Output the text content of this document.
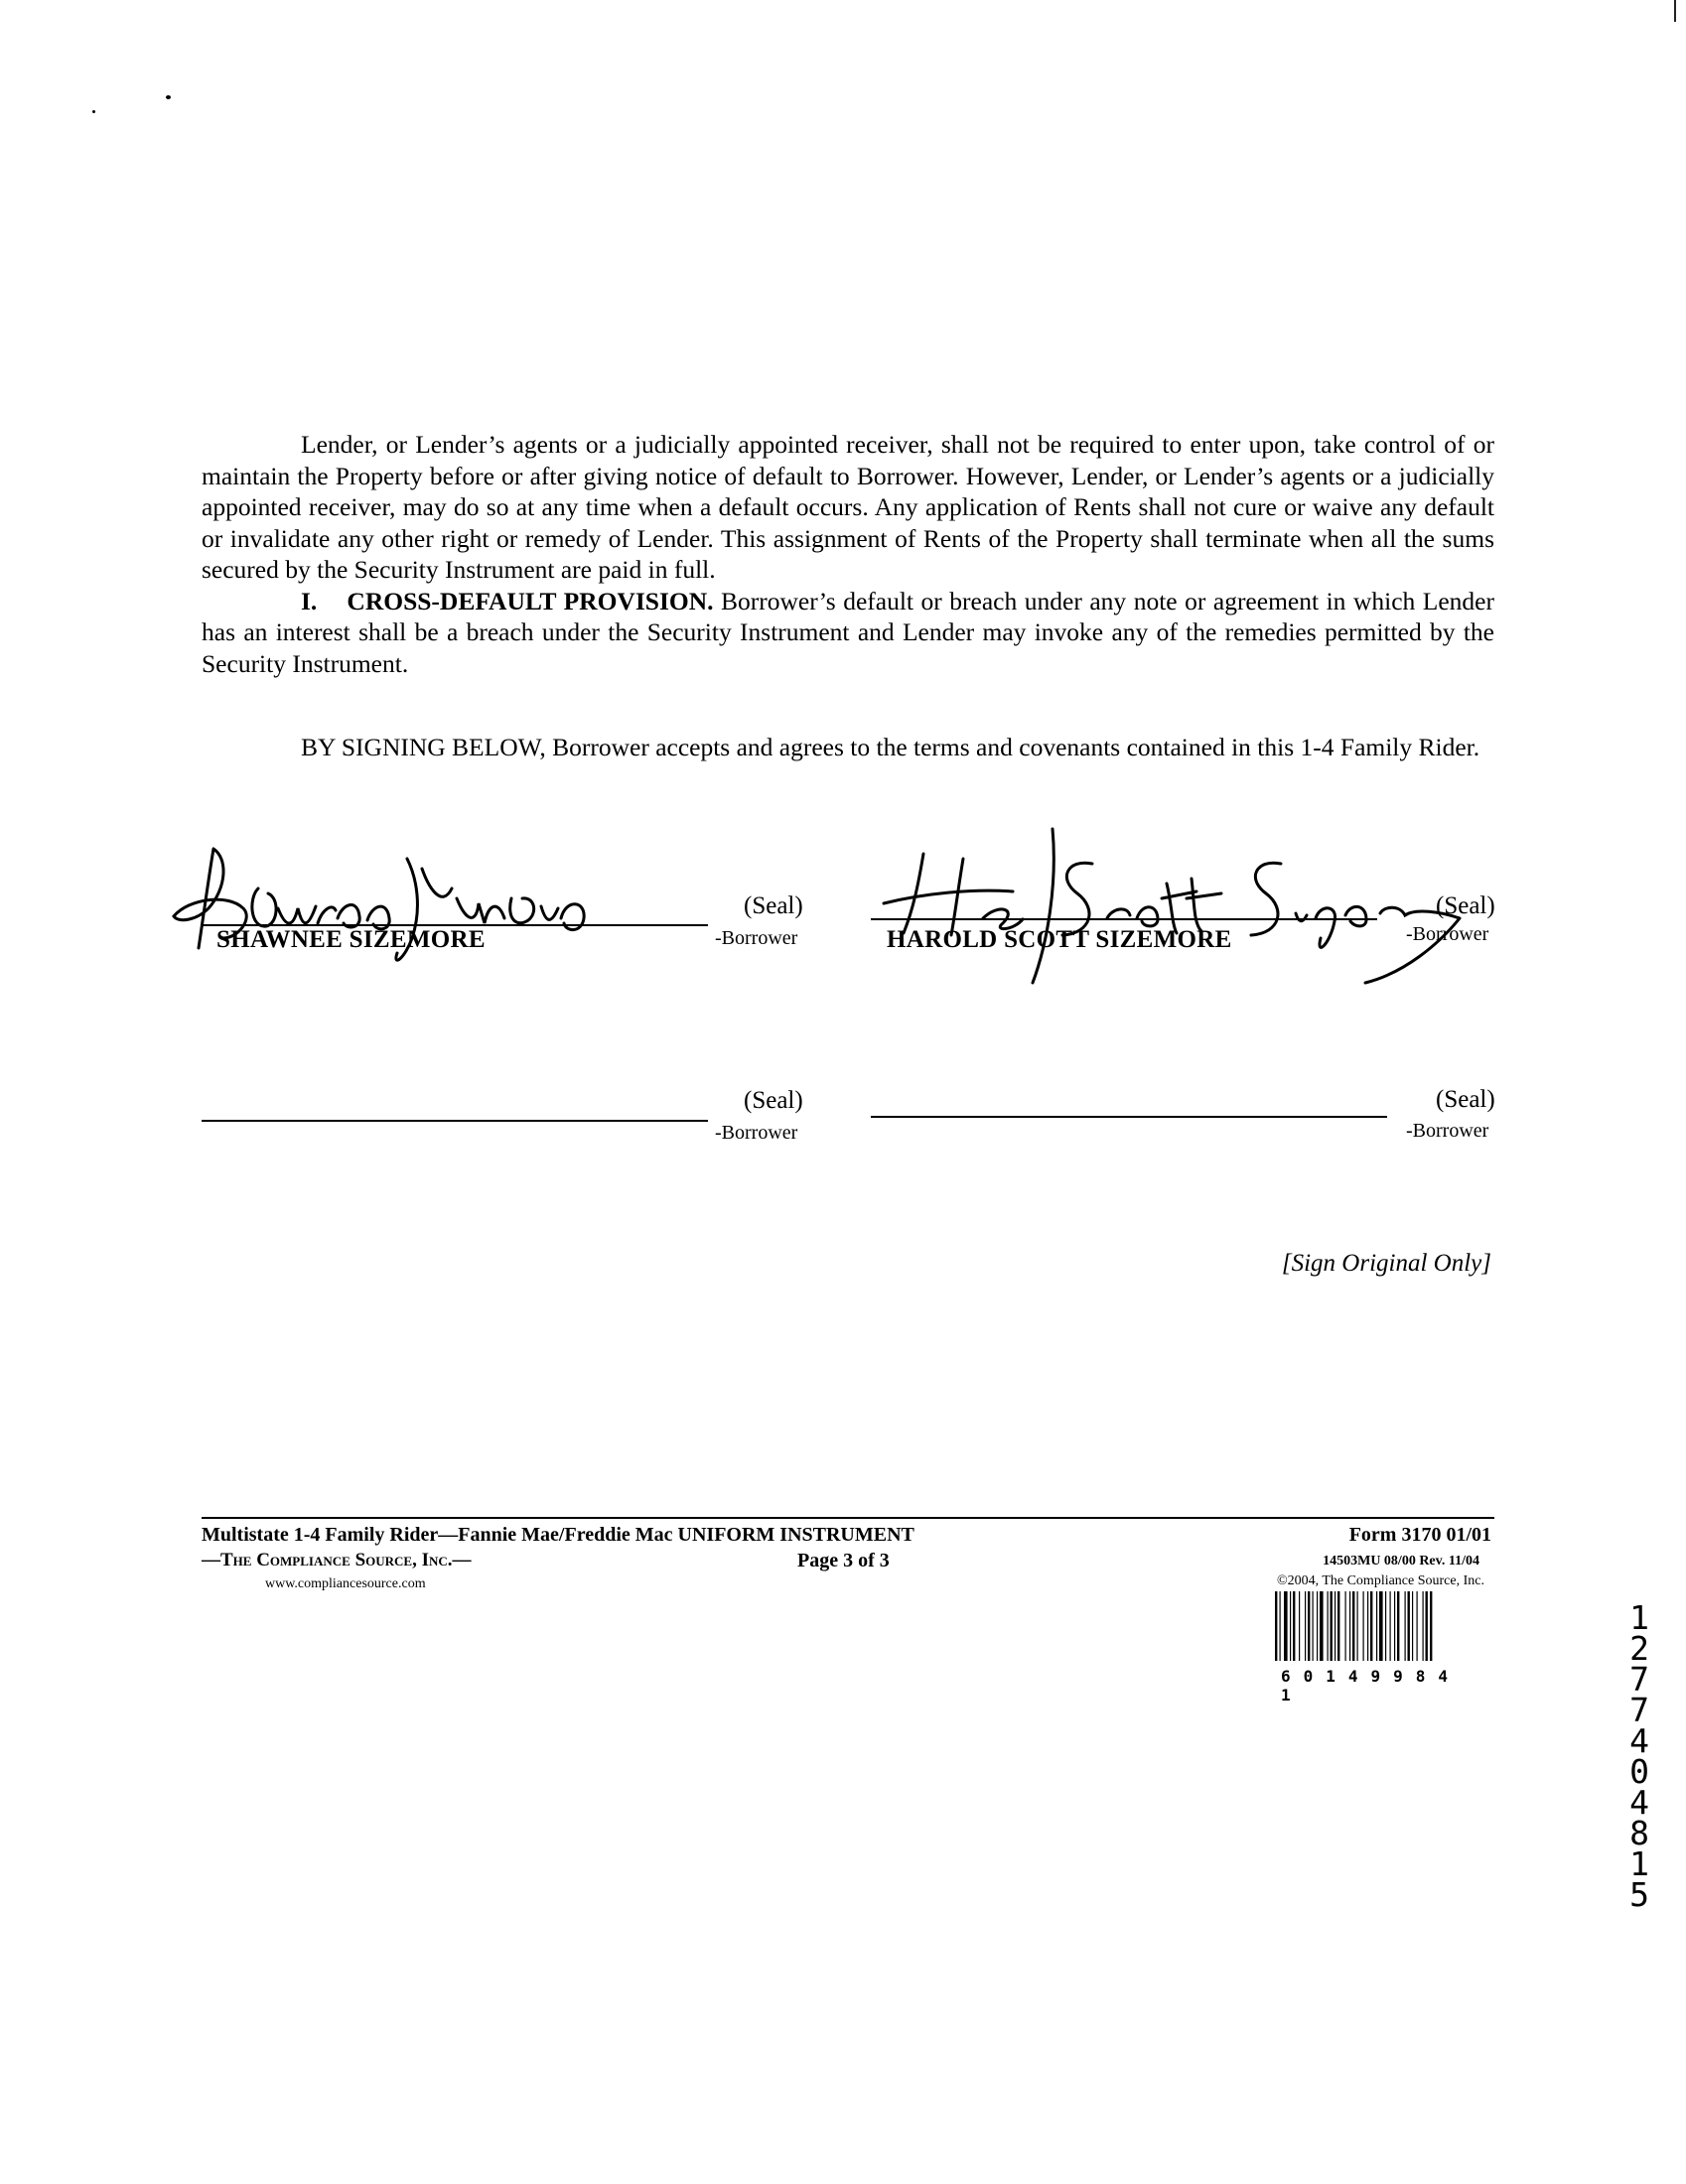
Lender, or Lender’s agents or a judicially appointed receiver, shall not be required to enter upon, take control of or maintain the Property before or after giving notice of default to Borrower. However, Lender, or Lender’s agents or a judicially appointed receiver, may do so at any time when a default occurs. Any application of Rents shall not cure or waive any default or invalidate any other right or remedy of Lender. This assignment of Rents of the Property shall terminate when all the sums secured by the Security Instrument are paid in full.

I. CROSS-DEFAULT PROVISION. Borrower’s default or breach under any note or agreement in which Lender has an interest shall be a breach under the Security Instrument and Lender may invoke any of the remedies permitted by the Security Instrument.

BY SIGNING BELOW, Borrower accepts and agrees to the terms and covenants contained in this 1-4 Family Rider.

SHAWNEE SIZEMORE
(Seal)
-Borrower	HAROLD SCOTT SIZEMORE
(Seal)
-Borrower
(Seal)
-Borrower
(Seal)
-Borrower
[Sign Original Only]
Multistate 1-4 Family Rider—Fannie Mae/Freddie Mac UNIFORM INSTRUMENT
—The Compliance Source, Inc.—
www.compliancesource.com
Page 3 of 3
Form 3170 01/01
14503MU 08/00 Rev. 11/04
©2004, The Compliance Source, Inc.
60149984 1
12774 04815
